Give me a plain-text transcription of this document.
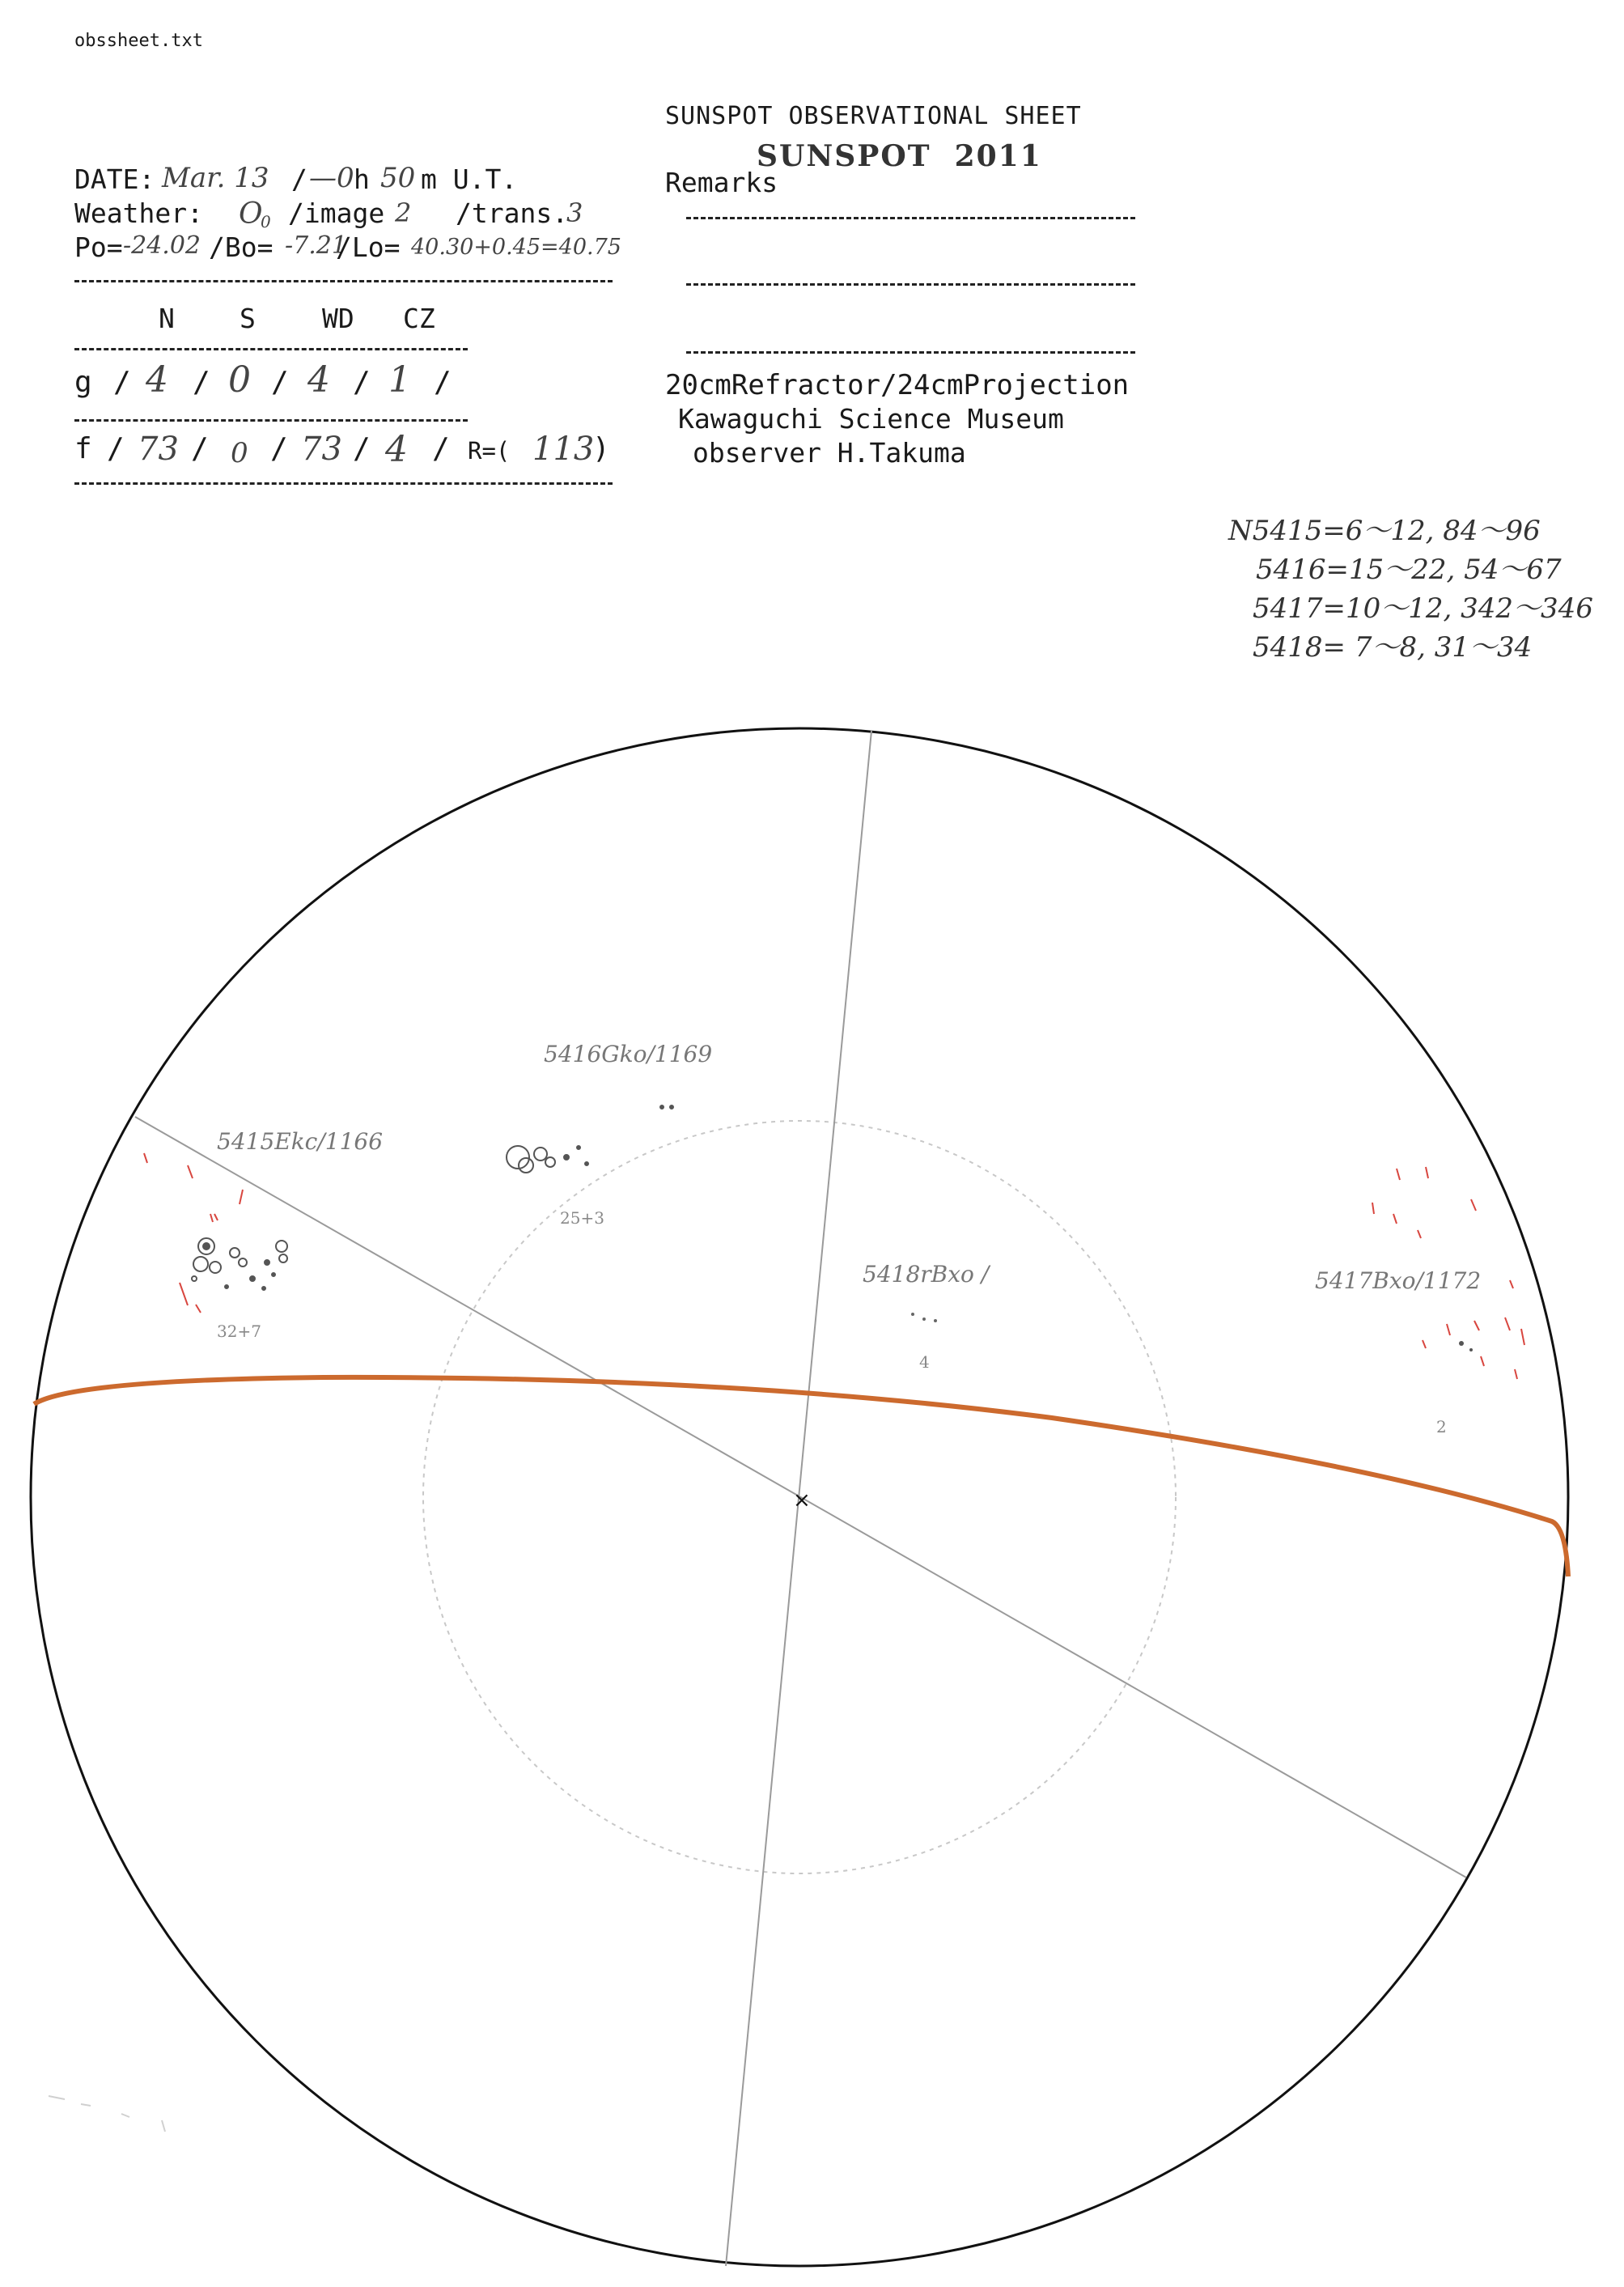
obssheet.txt
SUNSPOT OBSERVATIONAL SHEET
SUNSPOT  2011
DATE: Mar. 13 / —0 h 50 m U.T.	Remarks
Weather: O
0 /image 2 /trans.
3
Po= -24.02 /Bo= -7.21
/Lo= 40.30+0.45=40.75
N S WD CZ
g / 4 / 0 / 4 / 1 /
f / 73 / 0 / 73 / 4 / R=( 113
)
20cmRefractor/24cmProjection
Kawaguchi Science Museum
observer H.Takuma
N5415=6～12, 84～96
5416=15～22, 54～67
5417=10～12, 342～346
5418= 7～8, 31～34
×
5415Ekc/1166
5416Gko/1169
5418rBxo /	5417Bxo/1172
32+7
25+3
4
2
